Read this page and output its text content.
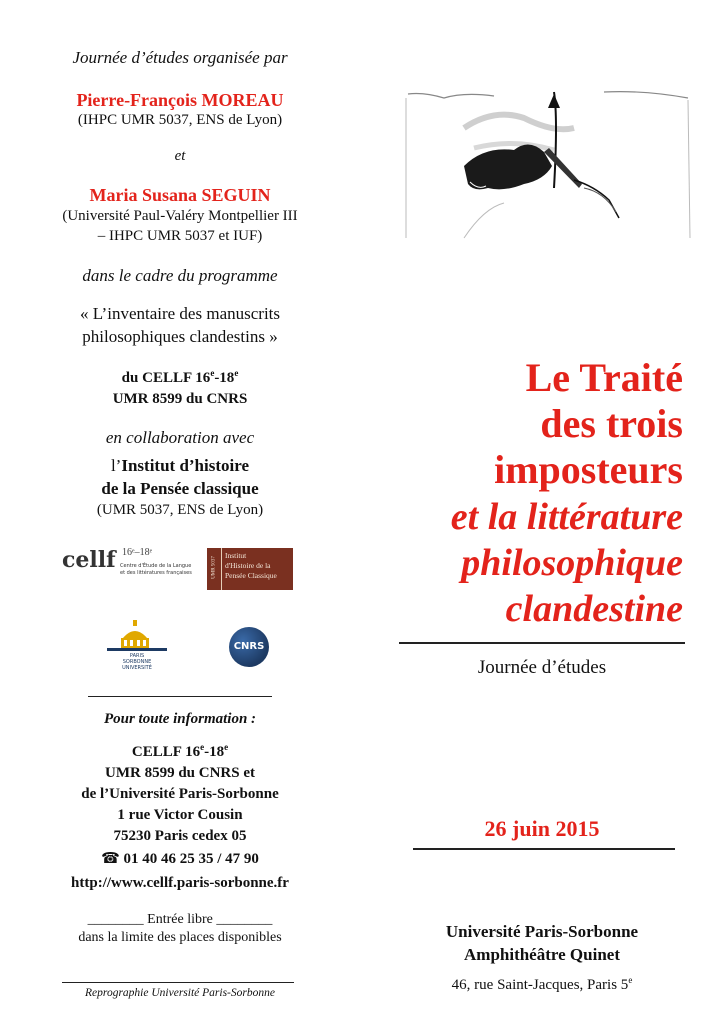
Journée d’études organisée par
Pierre-François MOREAU
(IHPC UMR 5037, ENS de Lyon)
et
Maria Susana SEGUIN
(Université Paul-Valéry Montpellier III
– IHPC UMR 5037 et IUF)
dans le cadre du programme
« L’inventaire des manuscrits
philosophiques clandestins »
du CELLF 16e-18e
UMR 8599 du CNRS
en collaboration avec
l’Institut d’histoire
de la Pensée classique
(UMR 5037, ENS de Lyon)
cellf 16ᵉ–18ᵉ
Centre d'Étude de la Langue
et des littératures françaises	UMR 5037
Institut
d'Histoire de la
Pensée Classique
PARIS
SORBONNE
UNIVERSITÉ
CNRS
Pour toute information :
CELLF 16e-18e
UMR 8599 du CNRS et
de l’Université Paris-Sorbonne
1 rue Victor Cousin
75230 Paris cedex 05
☎ 01 40 46 25 35 / 47 90
http://www.cellf.paris-sorbonne.fr
________ Entrée libre ________
dans la limite des places disponibles
Reprographie Université Paris-Sorbonne
Le Traité
des trois
imposteurs
et la littérature
philosophique
clandestine
Journée d’études
26 juin 2015
Université Paris-Sorbonne
Amphithéâtre Quinet
46, rue Saint-Jacques, Paris 5e
